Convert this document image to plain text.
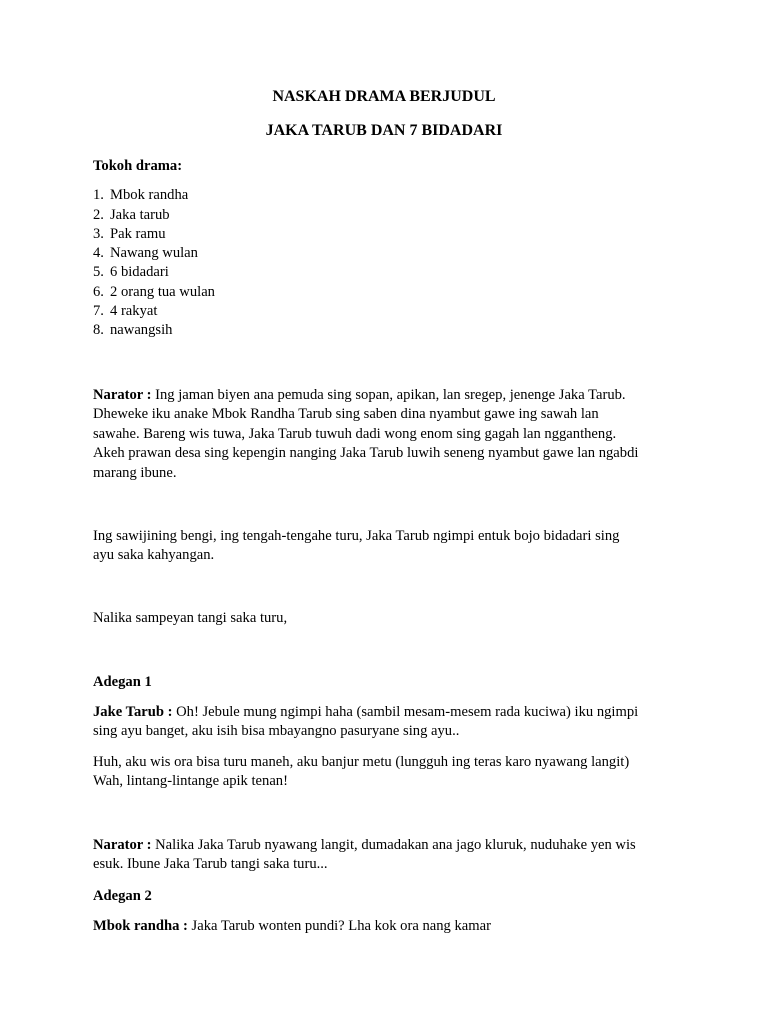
NASKAH DRAMA BERJUDUL
JAKA TARUB DAN 7 BIDADARI
Tokoh drama:
1. Mbok randha
2. Jaka tarub
3. Pak ramu
4. Nawang wulan
5. 6 bidadari
6. 2 orang tua wulan
7. 4 rakyat
8. nawangsih
Narator : Ing jaman biyen ana pemuda sing sopan, apikan, lan sregep, jenenge Jaka Tarub.
Dheweke iku anake Mbok Randha Tarub sing saben dina nyambut gawe ing sawah lan
sawahe. Bareng wis tuwa, Jaka Tarub tuwuh dadi wong enom sing gagah lan nggantheng.
Akeh prawan desa sing kepengin nanging Jaka Tarub luwih seneng nyambut gawe lan ngabdi
marang ibune.
Ing sawijining bengi, ing tengah-tengahe turu, Jaka Tarub ngimpi entuk bojo bidadari sing
ayu saka kahyangan.
Nalika sampeyan tangi saka turu,
Adegan 1
Jake Tarub : Oh! Jebule mung ngimpi haha (sambil mesam-mesem rada kuciwa) iku ngimpi
sing ayu banget, aku isih bisa mbayangno pasuryane sing ayu..
Huh, aku wis ora bisa turu maneh, aku banjur metu (lungguh ing teras karo nyawang langit)
Wah, lintang-lintange apik tenan!
Narator : Nalika Jaka Tarub nyawang langit, dumadakan ana jago kluruk, nuduhake yen wis
esuk. Ibune Jaka Tarub tangi saka turu...
Adegan 2
Mbok randha : Jaka Tarub wonten pundi? Lha kok ora nang kamar
